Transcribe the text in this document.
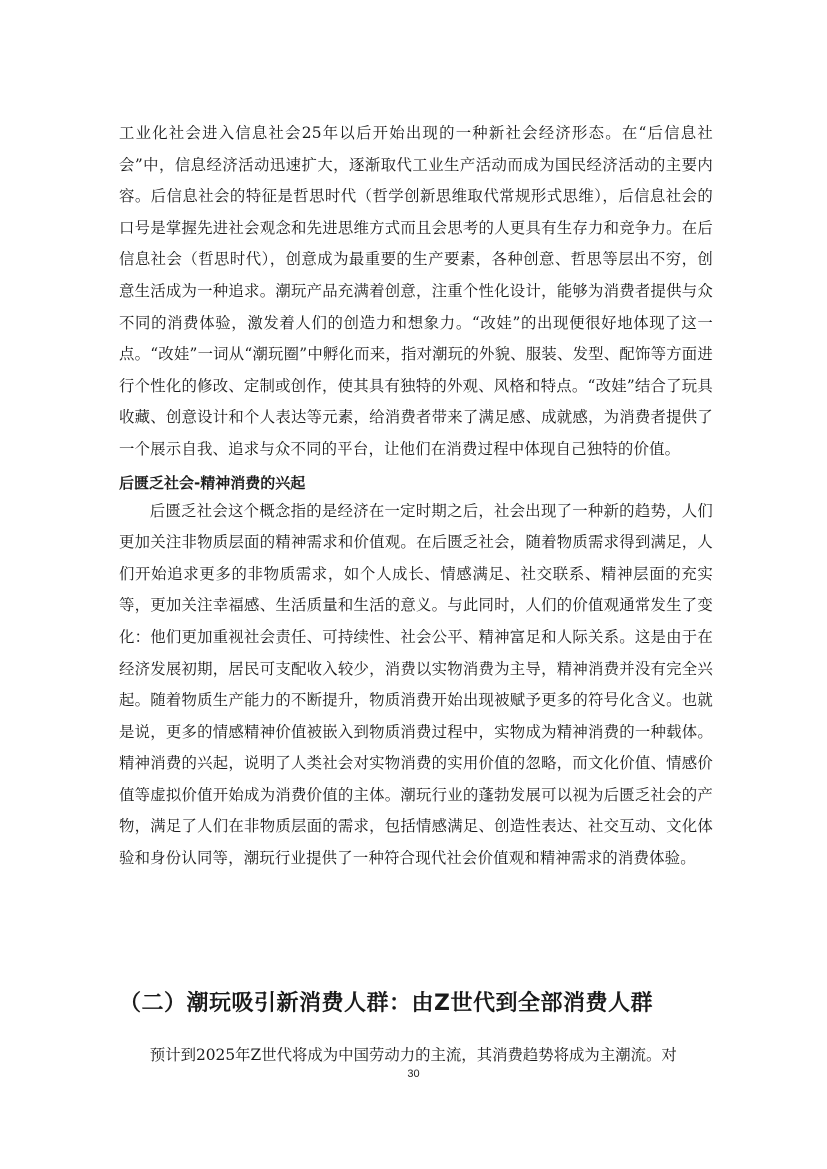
工业化社会进入信息社会25年以后开始出现的一种新社会经济形态。在“后信息社会”中，信息经济活动迅速扩大，逐渐取代工业生产活动而成为国民经济活动的主要内容。后信息社会的特征是哲思时代（哲学创新思维取代常规形式思维），后信息社会的口号是掌握先进社会观念和先进思维方式而且会思考的人更具有生存力和竞争力。在后信息社会（哲思时代），创意成为最重要的生产要素，各种创意、哲思等层出不穷，创意生活成为一种追求。潮玩产品充满着创意，注重个性化设计，能够为消费者提供与众不同的消费体验，激发着人们的创造力和想象力。“改娃”的出现便很好地体现了这一点。“改娃”一词从“潮玩圈”中孵化而来，指对潮玩的外貌、服装、发型、配饰等方面进行个性化的修改、定制或创作，使其具有独特的外观、风格和特点。“改娃”结合了玩具收藏、创意设计和个人表达等元素，给消费者带来了满足感、成就感，为消费者提供了一个展示自我、追求与众不同的平台，让他们在消费过程中体现自己独特的价值。

后匮乏社会-精神消费的兴起

后匮乏社会这个概念指的是经济在一定时期之后，社会出现了一种新的趋势，人们更加关注非物质层面的精神需求和价值观。在后匮乏社会，随着物质需求得到满足，人们开始追求更多的非物质需求，如个人成长、情感满足、社交联系、精神层面的充实等，更加关注幸福感、生活质量和生活的意义。与此同时，人们的价值观通常发生了变化：他们更加重视社会责任、可持续性、社会公平、精神富足和人际关系。这是由于在经济发展初期，居民可支配收入较少，消费以实物消费为主导，精神消费并没有完全兴起。随着物质生产能力的不断提升，物质消费开始出现被赋予更多的符号化含义。也就是说，更多的情感精神价值被嵌入到物质消费过程中，实物成为精神消费的一种载体。精神消费的兴起，说明了人类社会对实物消费的实用价值的忽略，而文化价值、情感价值等虚拟价值开始成为消费价值的主体。潮玩行业的蓬勃发展可以视为后匮乏社会的产物，满足了人们在非物质层面的需求，包括情感满足、创造性表达、社交互动、文化体验和身份认同等，潮玩行业提供了一种符合现代社会价值观和精神需求的消费体验。

（二）潮玩吸引新消费人群：由Z世代到全部消费人群

预计到2025年Z世代将成为中国劳动力的主流，其消费趋势将成为主潮流。对

30
